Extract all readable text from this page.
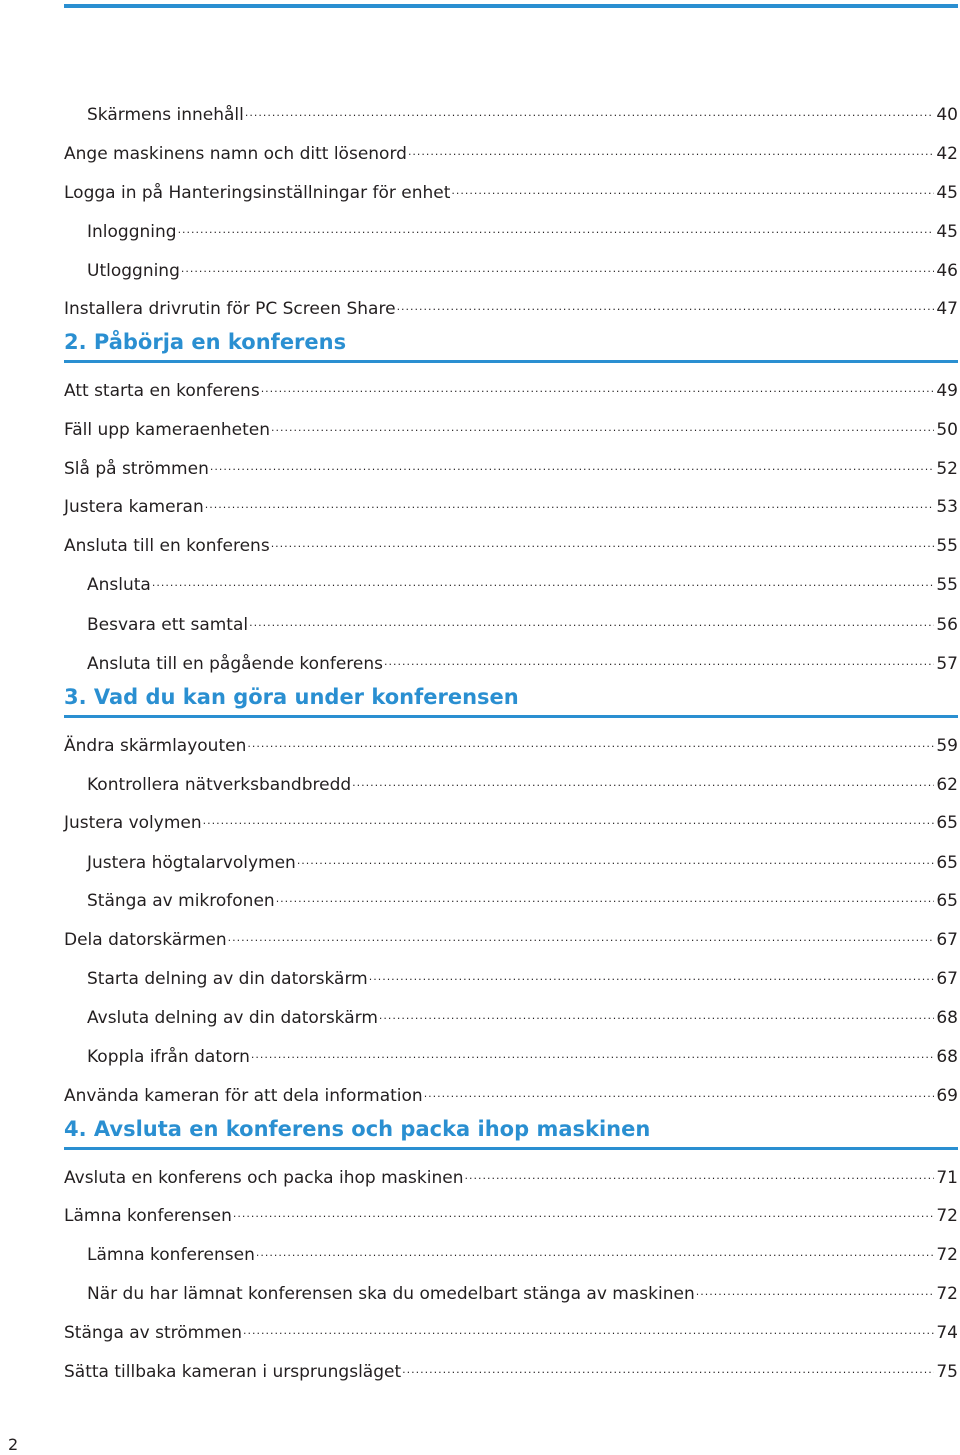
Skärmens innehåll .....	40
Ange maskinens namn och ditt lösenord .....	42
Logga in på Hanteringsinställningar för enhet .....	45
Inloggning .....	45
Utloggning .....	46
Installera drivrutin för PC Screen Share .....	47
2. Påbörja en konferens
Att starta en konferens .....	49
Fäll upp kameraenheten .....	50
Slå på strömmen .....	52
Justera kameran .....	53
Ansluta till en konferens .....	55
Ansluta .....	55
Besvara ett samtal .....	56
Ansluta till en pågående konferens .....	57
3. Vad du kan göra under konferensen
Ändra skärmlayouten .....	59
Kontrollera nätverksbandbredd .....	62
Justera volymen .....	65
Justera högtalarvolymen .....	65
Stänga av mikrofonen .....	65
Dela datorskärmen .....	67
Starta delning av din datorskärm .....	67
Avsluta delning av din datorskärm .....	68
Koppla ifrån datorn .....	68
Använda kameran för att dela information .....	69
4. Avsluta en konferens och packa ihop maskinen
Avsluta en konferens och packa ihop maskinen .....	71
Lämna konferensen .....	72
Lämna konferensen .....	72
När du har lämnat konferensen ska du omedelbart stänga av maskinen .....	72
Stänga av strömmen .....	74
Sätta tillbaka kameran i ursprungsläget .....	75
2
